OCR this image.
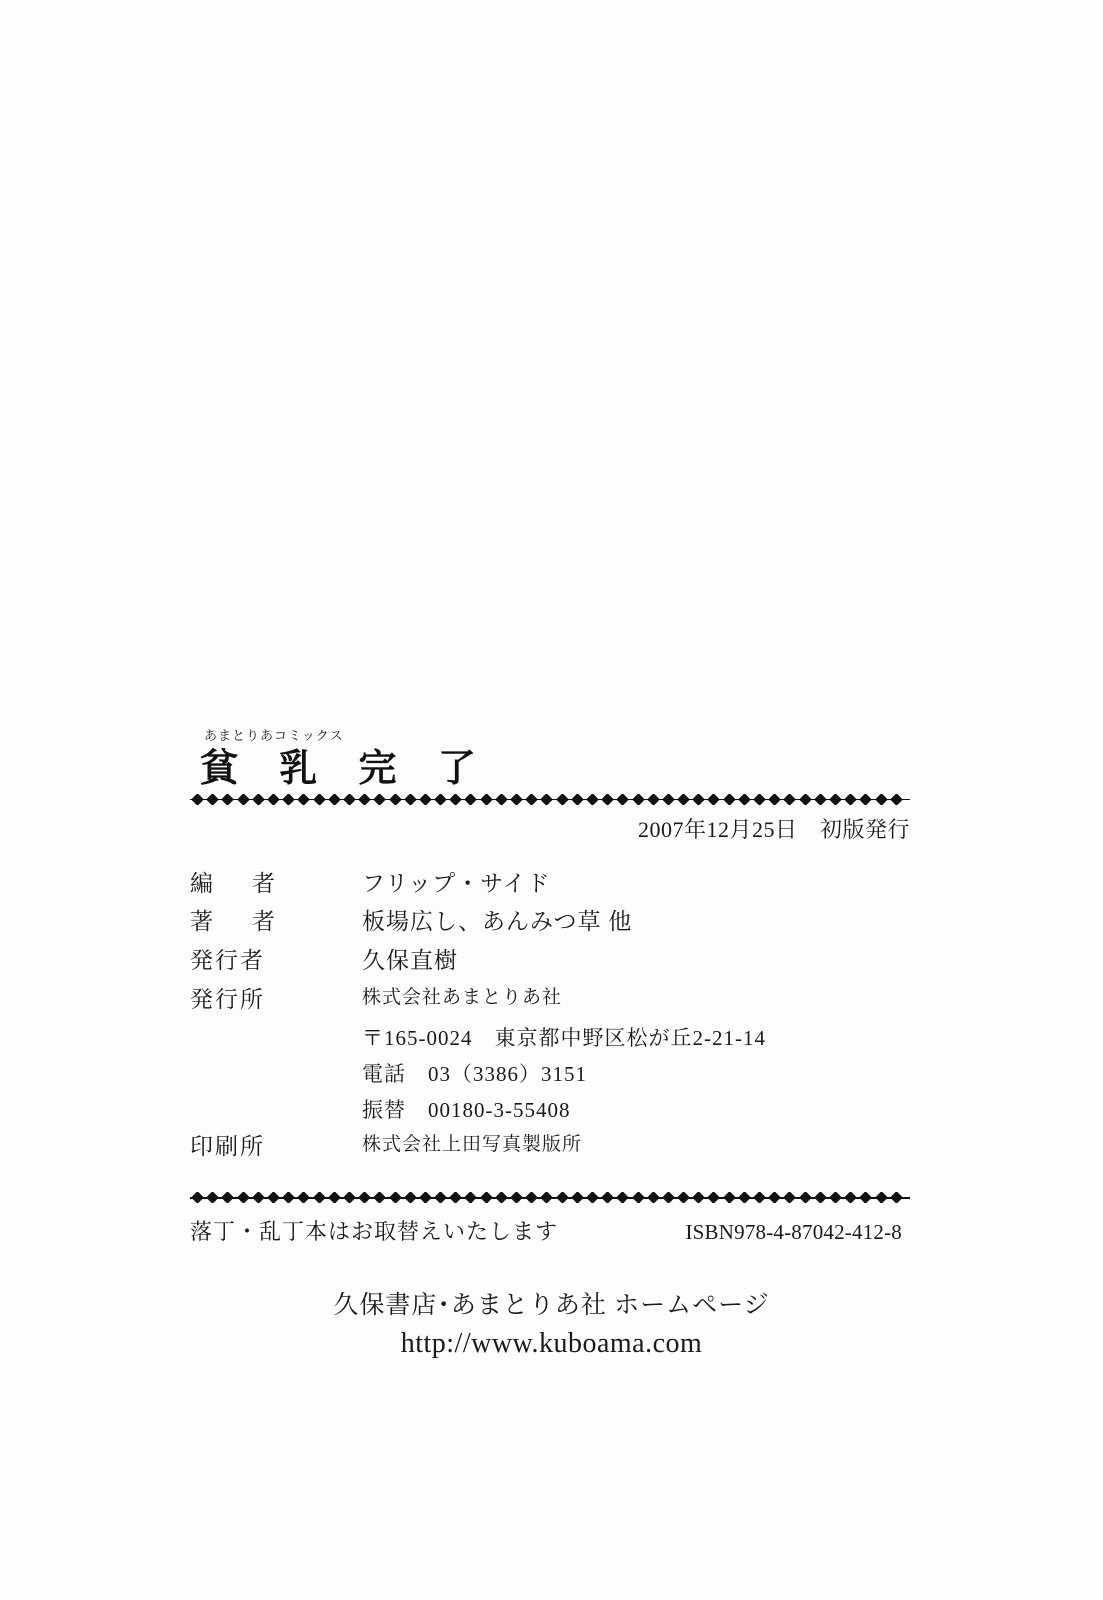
あまとりあコミックス
貧 乳 完 了
2007年12月25日　初版発行
編　者	フリップ・サイド
著　者	板場広し、あんみつ草 他
発行者	久保直樹
発行所	株式会社あまとりあ社
	〒165-0024　東京都中野区松が丘2-21-14
	電話　03（3386）3151
	振替　00180-3-55408
印刷所	株式会社上田写真製版所
落丁・乱丁本はお取替えいたします	ISBN978-4-87042-412-8
久保書店･あまとりあ社 ホームページ
http://www.kuboama.com
